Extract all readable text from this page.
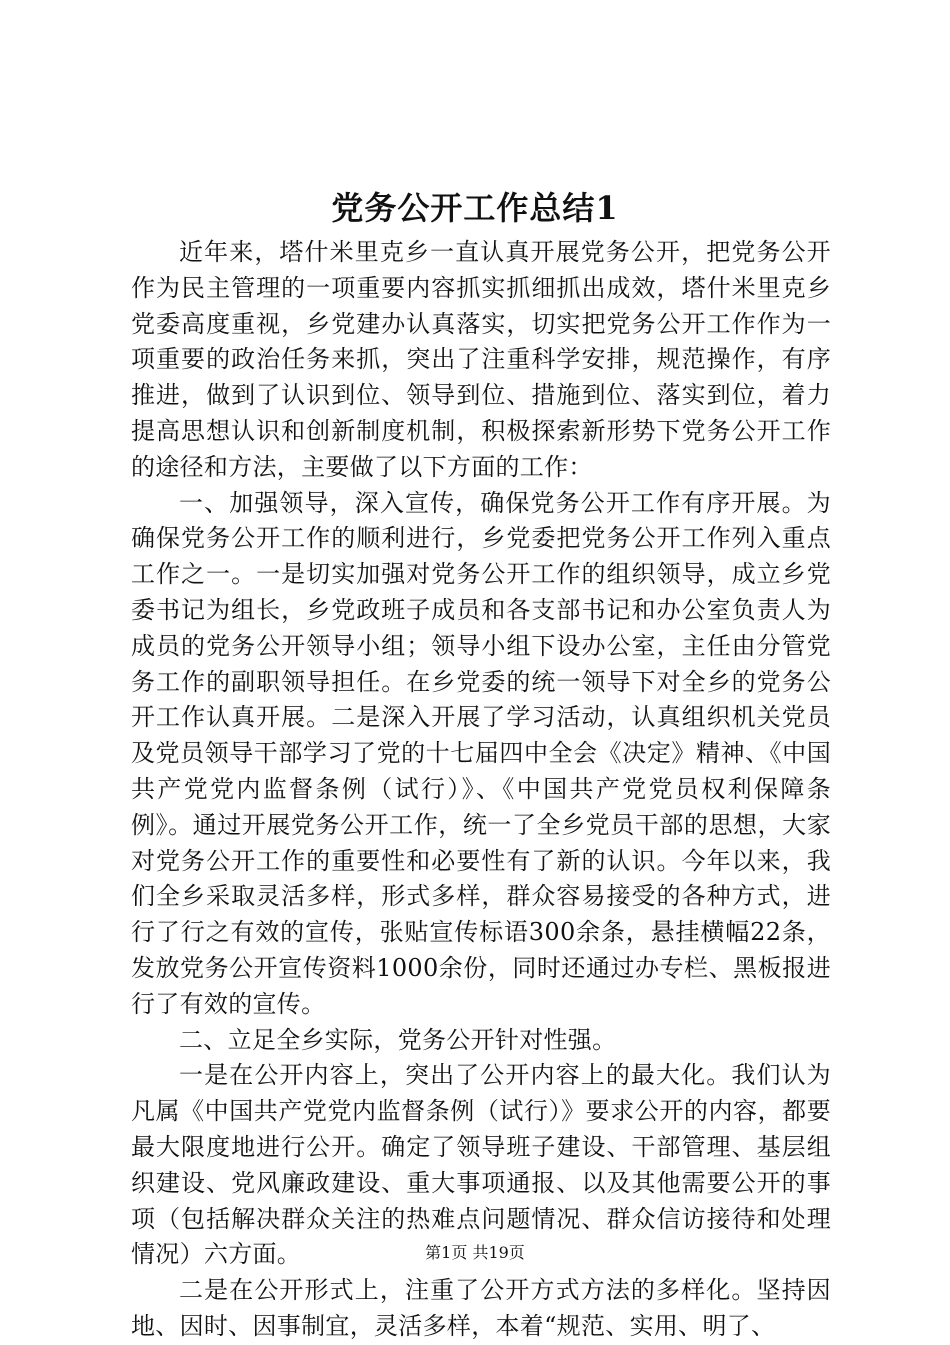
党务公开工作总结1

近年来，塔什米里克乡一直认真开展党务公开，把党务公开作为民主管理的一项重要内容抓实抓细抓出成效，塔什米里克乡党委高度重视，乡党建办认真落实，切实把党务公开工作作为一项重要的政治任务来抓，突出了注重科学安排，规范操作，有序推进，做到了认识到位、领导到位、措施到位、落实到位，着力提高思想认识和创新制度机制，积极探索新形势下党务公开工作的途径和方法，主要做了以下方面的工作：

一、加强领导，深入宣传，确保党务公开工作有序开展。为确保党务公开工作的顺利进行，乡党委把党务公开工作列入重点工作之一。一是切实加强对党务公开工作的组织领导，成立乡党委书记为组长，乡党政班子成员和各支部书记和办公室负责人为成员的党务公开领导小组；领导小组下设办公室，主任由分管党务工作的副职领导担任。在乡党委的统一领导下对全乡的党务公开工作认真开展。二是深入开展了学习活动，认真组织机关党员及党员领导干部学习了党的十七届四中全会《决定》精神、《中国共产党党内监督条例（试行）》、《中国共产党党员权利保障条例》。通过开展党务公开工作，统一了全乡党员干部的思想，大家对党务公开工作的重要性和必要性有了新的认识。今年以来，我们全乡采取灵活多样，形式多样，群众容易接受的各种方式，进行了行之有效的宣传，张贴宣传标语300余条，悬挂横幅22条，发放党务公开宣传资料1000余份，同时还通过办专栏、黑板报进行了有效的宣传。

二、立足全乡实际，党务公开针对性强。

一是在公开内容上，突出了公开内容上的最大化。我们认为凡属《中国共产党党内监督条例（试行）》要求公开的内容，都要最大限度地进行公开。确定了领导班子建设、干部管理、基层组织建设、党风廉政建设、重大事项通报、以及其他需要公开的事项（包括解决群众关注的热难点问题情况、群众信访接待和处理情况）六方面。

二是在公开形式上，注重了公开方式方法的多样化。坚持因地、因时、因事制宜，灵活多样，本着“规范、实用、明了、

第1页 共19页
